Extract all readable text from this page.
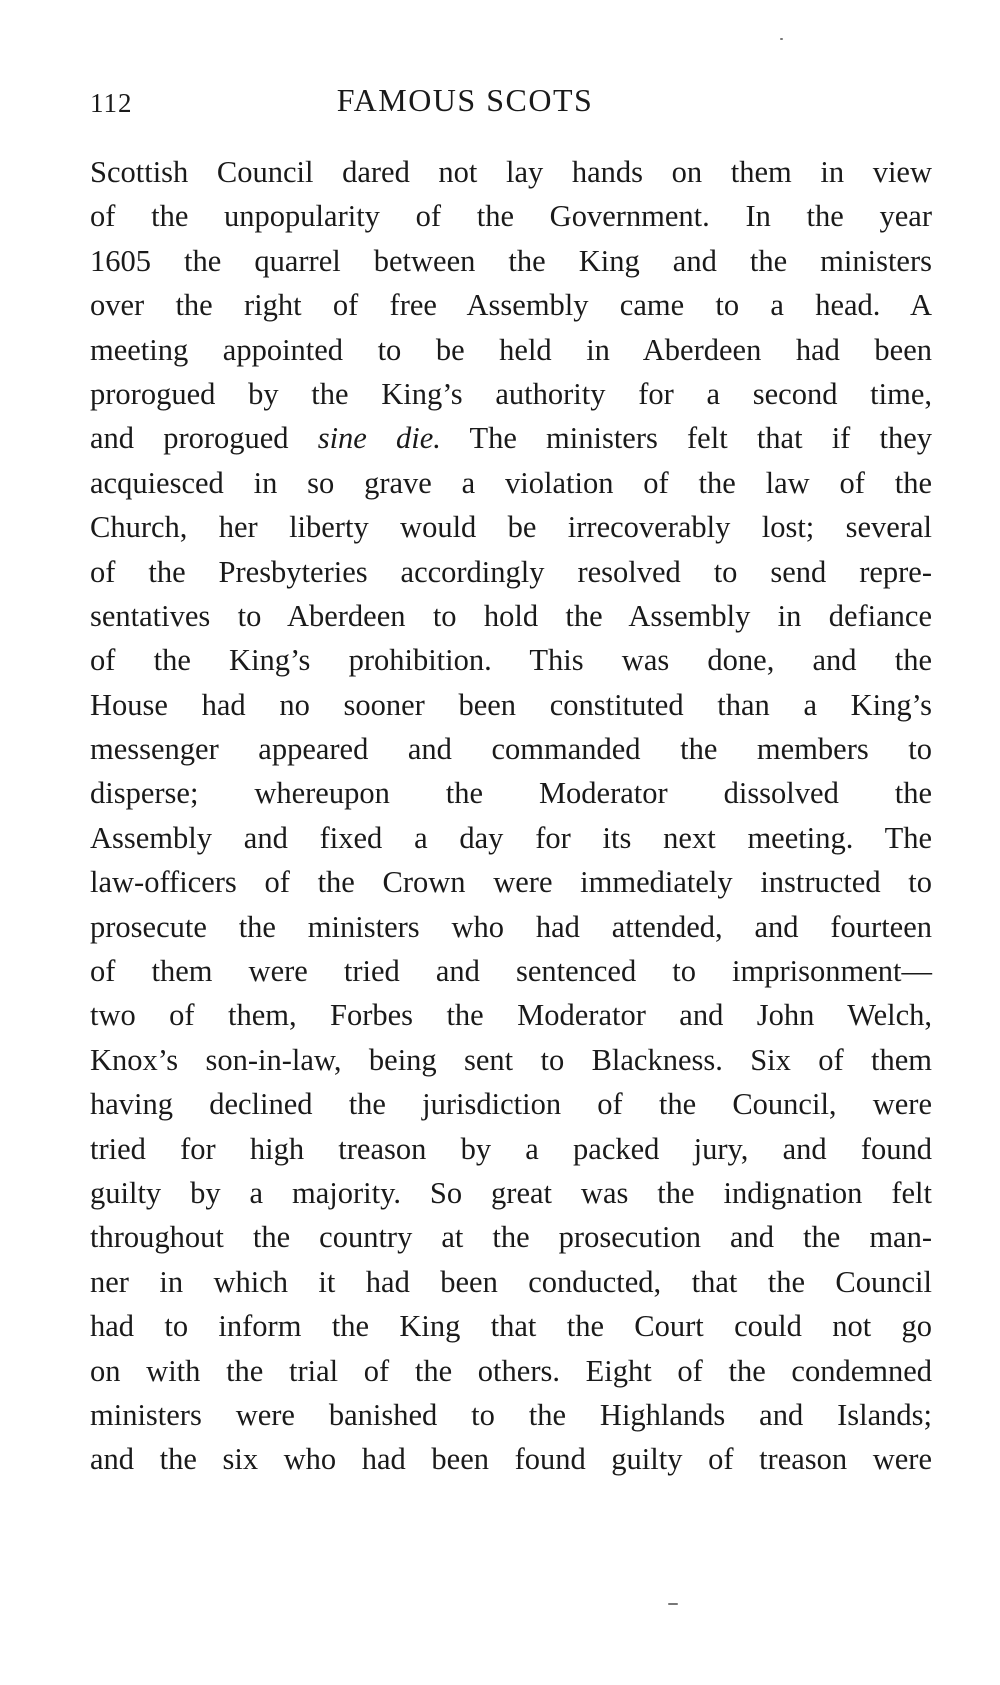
112	FAMOUS SCOTS
Scottish Council dared not lay hands on them in view
of the unpopularity of the Government. In the year
1605 the quarrel between the King and the ministers
over the right of free Assembly came to a head. A
meeting appointed to be held in Aberdeen had been
prorogued by the King’s authority for a second time,
and prorogued sine die. The ministers felt that if they
acquiesced in so grave a violation of the law of the
Church, her liberty would be irrecoverably lost; several
of the Presbyteries accordingly resolved to send repre-
sentatives to Aberdeen to hold the Assembly in defiance
of the King’s prohibition. This was done, and the
House had no sooner been constituted than a King’s
messenger appeared and commanded the members to
disperse; whereupon the Moderator dissolved the
Assembly and fixed a day for its next meeting. The
law-officers of the Crown were immediately instructed to
prosecute the ministers who had attended, and fourteen
of them were tried and sentenced to imprisonment—
two of them, Forbes the Moderator and John Welch,
Knox’s son-in-law, being sent to Blackness. Six of them
having declined the jurisdiction of the Council, were
tried for high treason by a packed jury, and found
guilty by a majority. So great was the indignation felt
throughout the country at the prosecution and the man-
ner in which it had been conducted, that the Council
had to inform the King that the Court could not go
on with the trial of the others. Eight of the condemned
ministers were banished to the Highlands and Islands;
and the six who had been found guilty of treason were
